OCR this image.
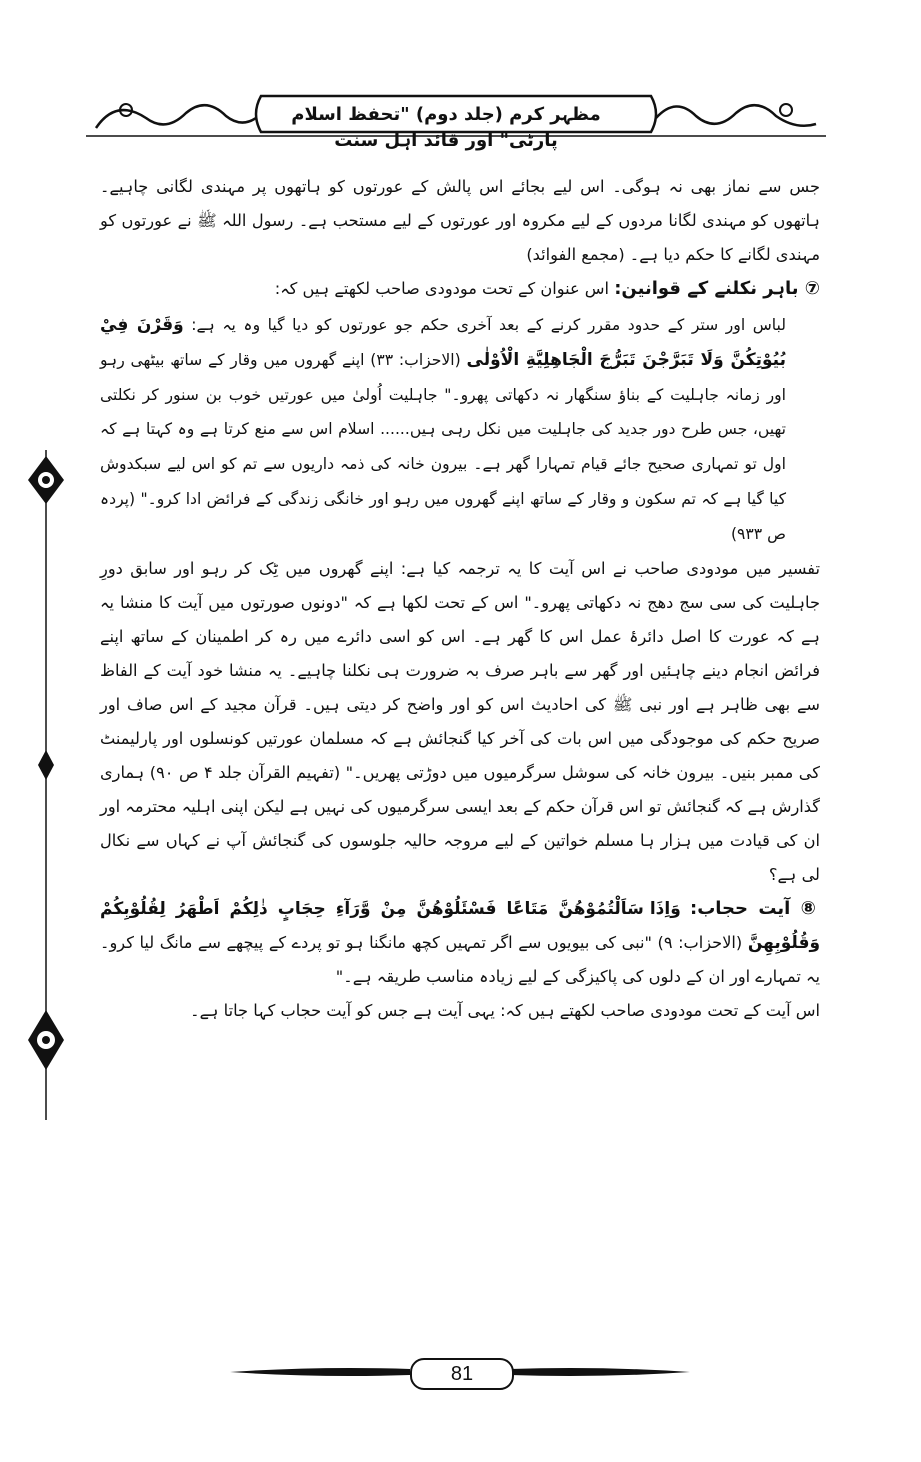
مظہر کرم (جلد دوم) "تحفظ اسلام پارٹی" اور قائد اہل سنت

جس سے نماز بھی نہ ہوگی۔ اس لیے بجائے اس پالش کے عورتوں کو ہاتھوں پر مہندی لگانی چاہیے۔ ہاتھوں کو مہندی لگانا مردوں کے لیے مکروہ اور عورتوں کے لیے مستحب ہے۔ رسول اللہ ﷺ نے عورتوں کو مہندی لگانے کا حکم دیا ہے۔ (مجمع الفوائد)

⑦ باہر نکلنے کے قوانین: اس عنوان کے تحت مودودی صاحب لکھتے ہیں کہ:

لباس اور ستر کے حدود مقرر کرنے کے بعد آخری حکم جو عورتوں کو دیا گیا وہ یہ ہے: وَقَرْنَ فِيْ بُيُوْتِكُنَّ وَلَا تَبَرَّجْنَ تَبَرُّجَ الْجَاهِلِيَّةِ الْاُوْلٰى (الاحزاب: ۳۳) اپنے گھروں میں وقار کے ساتھ بیٹھی رہو اور زمانہ جاہلیت کے بناؤ سنگھار نہ دکھاتی پھرو۔" جاہلیت اُولیٰ میں عورتیں خوب بن سنور کر نکلتی تھیں، جس طرح دور جدید کی جاہلیت میں نکل رہی ہیں...... اسلام اس سے منع کرتا ہے وہ کہتا ہے کہ اول تو تمہاری صحیح جائے قیام تمہارا گھر ہے۔ بیرون خانہ کی ذمہ داریوں سے تم کو اس لیے سبکدوش کیا گیا ہے کہ تم سکون و وقار کے ساتھ اپنے گھروں میں رہو اور خانگی زندگی کے فرائض ادا کرو۔" (پردہ ص ۹۳۳)

تفسیر میں مودودی صاحب نے اس آیت کا یہ ترجمہ کیا ہے: اپنے گھروں میں ٹِک کر رہو اور سابق دورِ جاہلیت کی سی سج دھج نہ دکھاتی پھرو۔" اس کے تحت لکھا ہے کہ "دونوں صورتوں میں آیت کا منشا یہ ہے کہ عورت کا اصل دائرۂ عمل اس کا گھر ہے۔ اس کو اسی دائرے میں رہ کر اطمینان کے ساتھ اپنے فرائض انجام دینے چاہئیں اور گھر سے باہر صرف بہ ضرورت ہی نکلنا چاہیے۔ یہ منشا خود آیت کے الفاظ سے بھی ظاہر ہے اور نبی ﷺ کی احادیث اس کو اور واضح کر دیتی ہیں۔ قرآن مجید کے اس صاف اور صریح حکم کی موجودگی میں اس بات کی آخر کیا گنجائش ہے کہ مسلمان عورتیں کونسلوں اور پارلیمنٹ کی ممبر بنیں۔ بیرون خانہ کی سوشل سرگرمیوں میں دوڑتی پھریں۔" (تفہیم القرآن جلد ۴ ص ۹۰) ہماری گذارش ہے کہ گنجائش تو اس قرآن حکم کے بعد ایسی سرگرمیوں کی نہیں ہے لیکن اپنی اہلیہ محترمہ اور ان کی قیادت میں ہزار ہا مسلم خواتین کے لیے مروجہ حالیہ جلوسوں کی گنجائش آپ نے کہاں سے نکال لی ہے؟

⑧ آیت حجاب: وَاِذَا سَاَلْتُمُوْهُنَّ مَتَاعًا فَسْئَلُوْهُنَّ مِنْ وَّرَآءِ حِجَابٍ ذٰلِكُمْ اَطْهَرُ لِقُلُوْبِكُمْ وَقُلُوْبِهِنَّ (الاحزاب: ۹) "نبی کی بیویوں سے اگر تمہیں کچھ مانگنا ہو تو پردے کے پیچھے سے مانگ لیا کرو۔ یہ تمہارے اور ان کے دلوں کی پاکیزگی کے لیے زیادہ مناسب طریقہ ہے۔"

اس آیت کے تحت مودودی صاحب لکھتے ہیں کہ: یہی آیت ہے جس کو آیت حجاب کہا جاتا ہے۔

81
